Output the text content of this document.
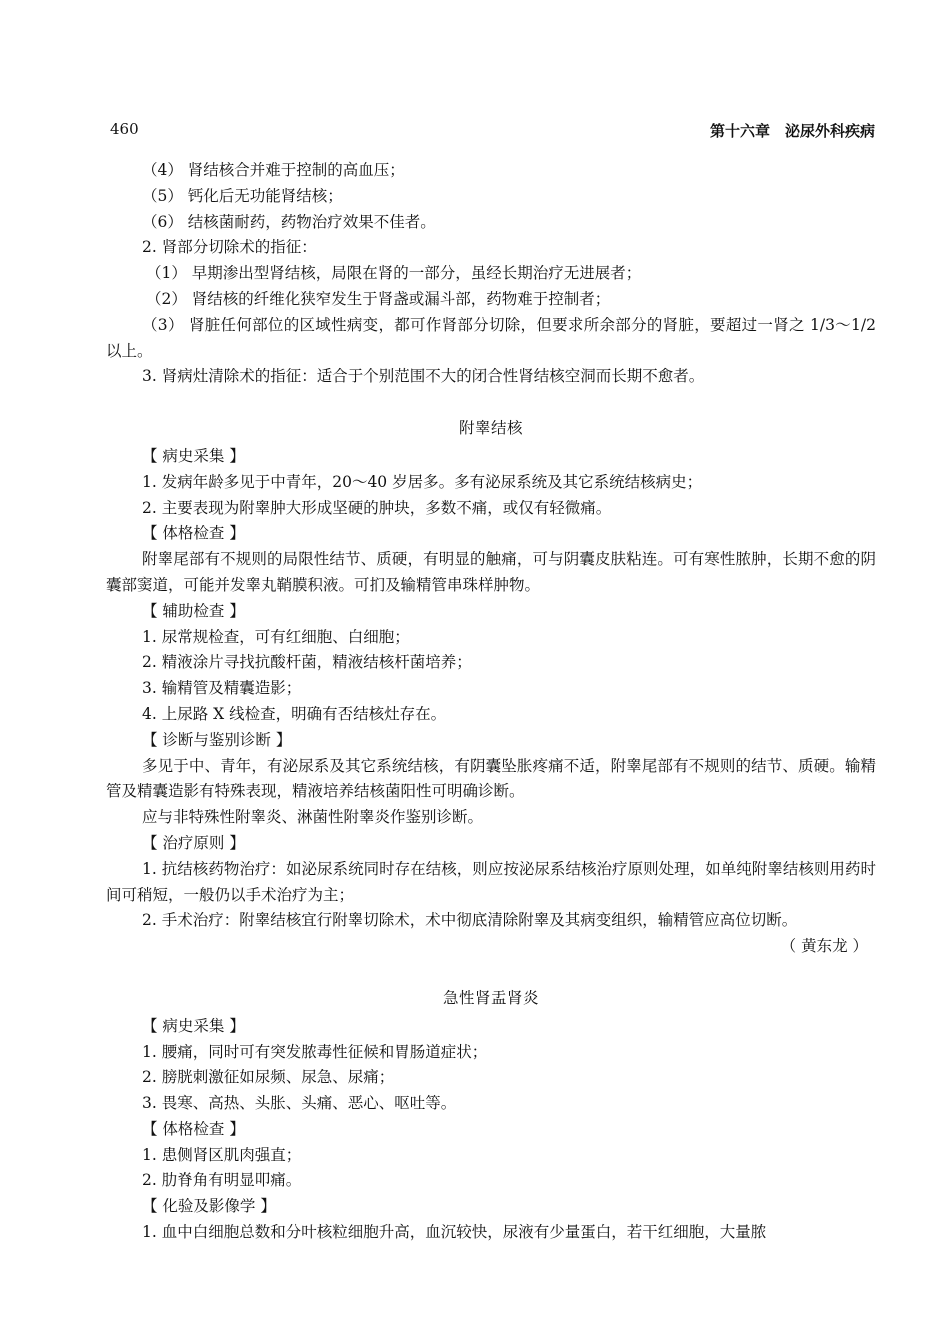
460	第十六章　泌尿外科疾病
（4） 肾结核合并难于控制的高血压；
（5） 钙化后无功能肾结核；
（6） 结核菌耐药，药物治疗效果不佳者。
2. 肾部分切除术的指征：
（1） 早期渗出型肾结核，局限在肾的一部分，虽经长期治疗无进展者；
（2） 肾结核的纤维化狭窄发生于肾盏或漏斗部，药物难于控制者；
（3） 肾脏任何部位的区域性病变，都可作肾部分切除，但要求所余部分的肾脏，要超过一肾之 1/3～1/2 以上。
3. 肾病灶清除术的指征：适合于个别范围不大的闭合性肾结核空洞而长期不愈者。
附睾结核
【 病史采集 】
1. 发病年龄多见于中青年，20～40 岁居多。多有泌尿系统及其它系统结核病史；
2. 主要表现为附睾肿大形成坚硬的肿块，多数不痛，或仅有轻微痛。
【 体格检查 】
附睾尾部有不规则的局限性结节、质硬，有明显的触痛，可与阴囊皮肤粘连。可有寒性脓肿，长期不愈的阴囊部窦道，可能并发睾丸鞘膜积液。可扪及输精管串珠样肿物。
【 辅助检查 】
1. 尿常规检查，可有红细胞、白细胞；
2. 精液涂片寻找抗酸杆菌，精液结核杆菌培养；
3. 输精管及精囊造影；
4. 上尿路 X 线检查，明确有否结核灶存在。
【 诊断与鉴别诊断 】
多见于中、青年，有泌尿系及其它系统结核，有阴囊坠胀疼痛不适，附睾尾部有不规则的结节、质硬。输精管及精囊造影有特殊表现，精液培养结核菌阳性可明确诊断。
应与非特殊性附睾炎、淋菌性附睾炎作鉴别诊断。
【 治疗原则 】
1. 抗结核药物治疗：如泌尿系统同时存在结核，则应按泌尿系结核治疗原则处理，如单纯附睾结核则用药时间可稍短，一般仍以手术治疗为主；
2. 手术治疗：附睾结核宜行附睾切除术，术中彻底清除附睾及其病变组织，输精管应高位切断。
（ 黄东龙 ）
急性肾盂肾炎
【 病史采集 】
1. 腰痛，同时可有突发脓毒性征候和胃肠道症状；
2. 膀胱刺激征如尿频、尿急、尿痛；
3. 畏寒、高热、头胀、头痛、恶心、呕吐等。
【 体格检查 】
1. 患侧肾区肌肉强直；
2. 肋脊角有明显叩痛。
【 化验及影像学 】
1. 血中白细胞总数和分叶核粒细胞升高，血沉较快，尿液有少量蛋白，若干红细胞，大量脓
